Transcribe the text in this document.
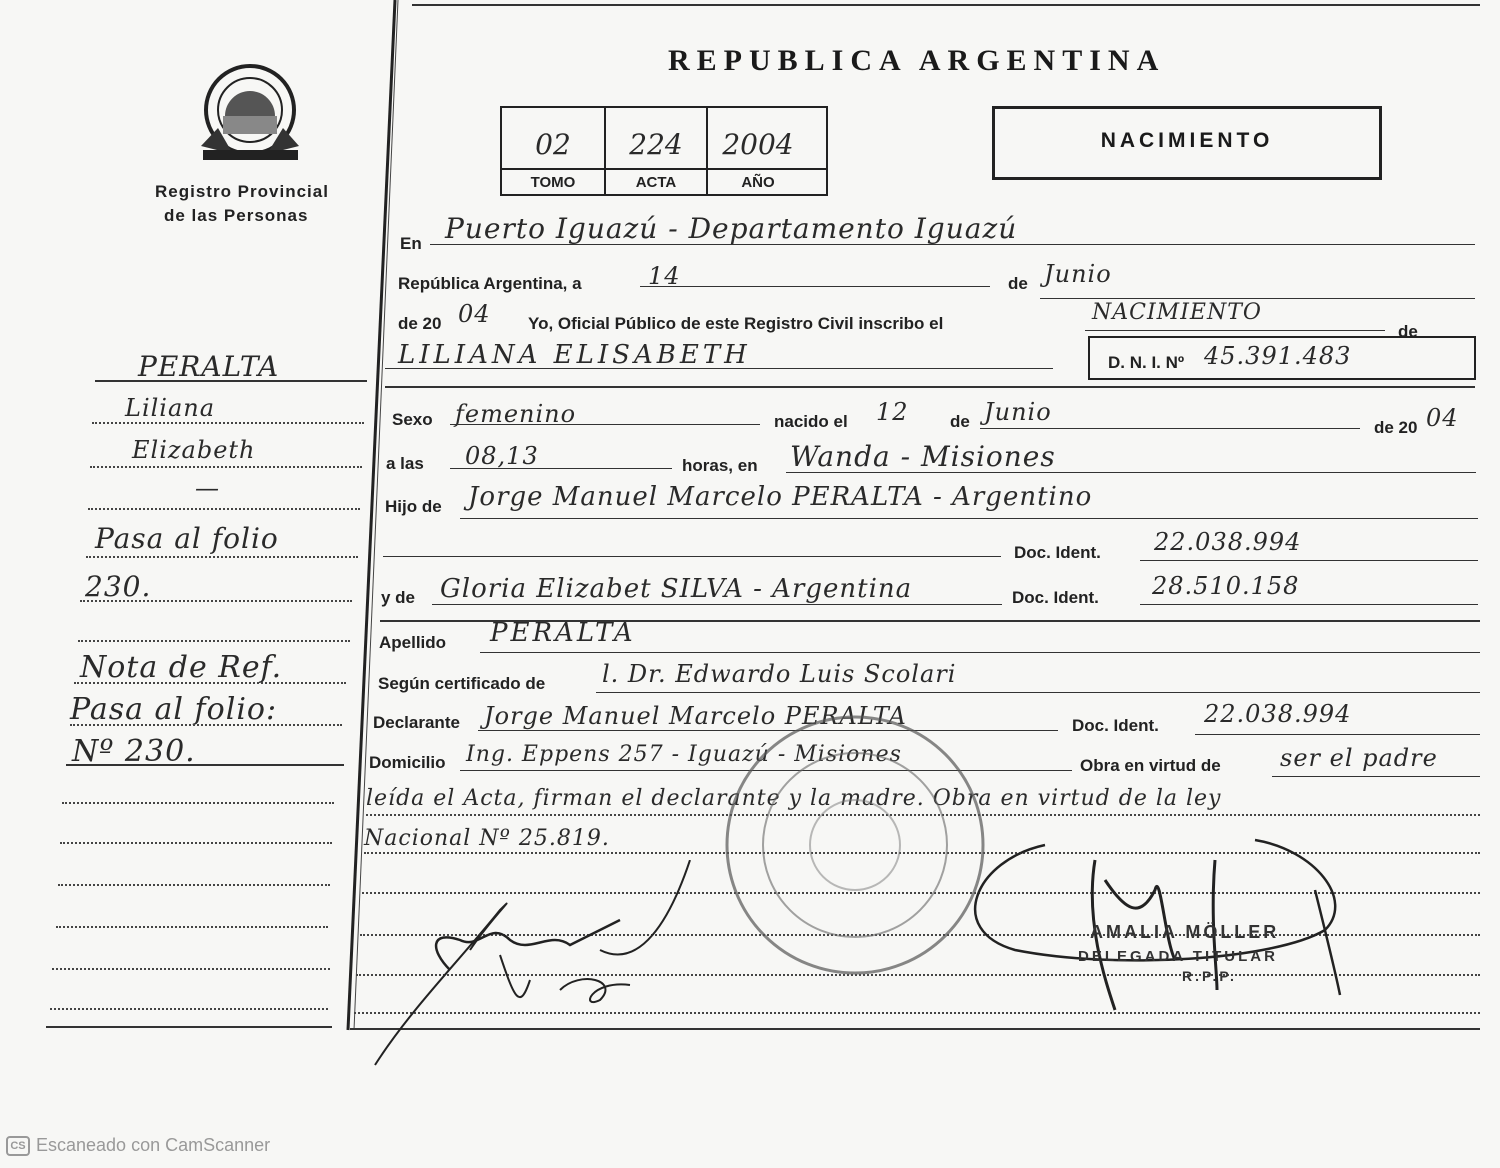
Registro Provincial
de las Personas
PERALTA
Liliana
Elizabeth
—
Pasa al folio
230.
Nota de Ref.
Pasa al folio:
Nº 230.
REPUBLICA ARGENTINA
02	224	2004
TOMO	ACTA	AÑO
NACIMIENTO
En Puerto Iguazú - Departamento Iguazú
República Argentina, a	14	de Junio
de 20 04 Yo, Oficial Público de este Registro Civil inscribo el	NACIMIENTO
de
LILIANA ELISABETH	D. N. I. Nº 45.391.483
Sexo femenino	nacido el 12 de Junio
de 20 04
a las 08,13	horas, en Wanda - Misiones
Hijo de Jorge Manuel Marcelo PERALTA - Argentino
Doc. Ident. 22.038.994
y de Gloria Elizabet SILVA - Argentina	Doc. Ident. 28.510.158
Apellido PERALTA
Según certificado de l. Dr. Edwardo Luis Scolari
Declarante Jorge Manuel Marcelo PERALTA	Doc. Ident. 22.038.994
Domicilio Ing. Eppens 257 - Iguazú - Misiones	Obra en virtud de ser el padre
leída el Acta, firman el declarante y la madre. Obra en virtud de la ley
Nacional Nº 25.819.
AMALIA MÖLLER
DELEGADA TITULAR
R.P.P.
CS Escaneado con CamScanner
